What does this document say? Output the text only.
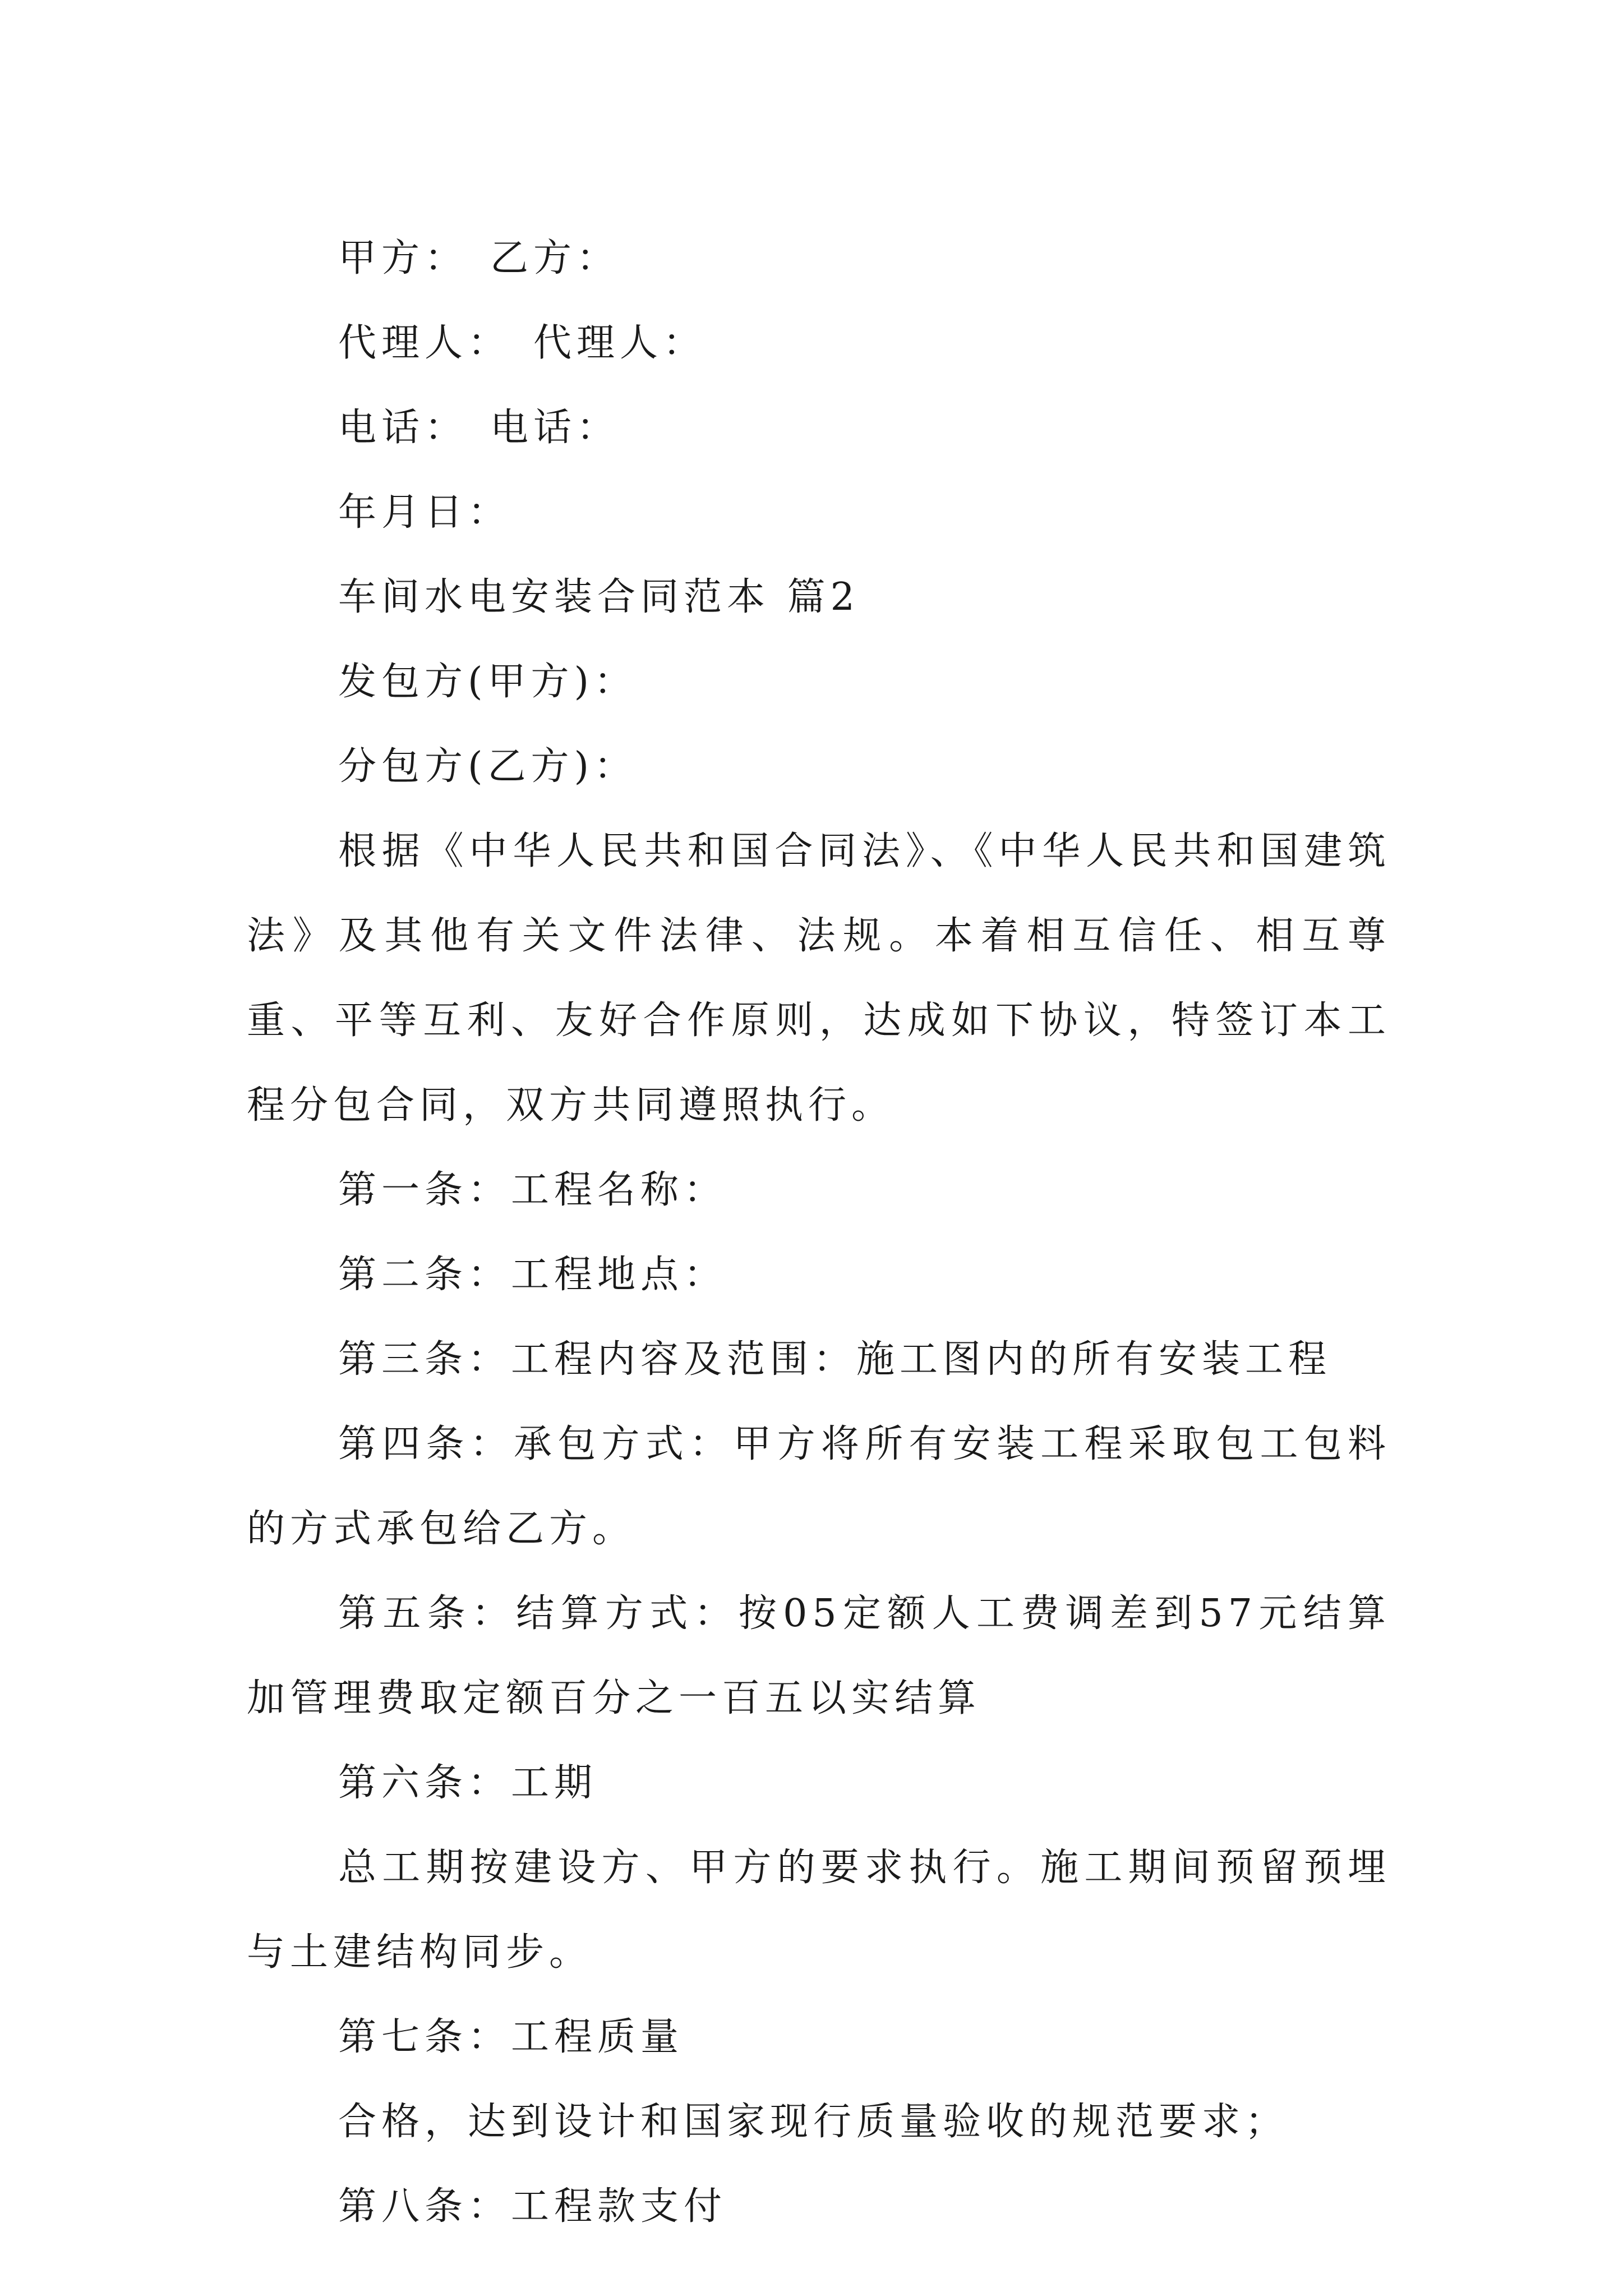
甲方： 乙方：
代理人： 代理人：
电话： 电话：
年月日：
车间水电安装合同范本 篇2
发包方(甲方)：
分包方(乙方)：
根据《中华人民共和国合同法》、《中华人民共和国建筑法》及其他有关文件法律、法规。本着相互信任、相互尊重、平等互利、友好合作原则，达成如下协议，特签订本工程分包合同，双方共同遵照执行。
第一条：工程名称：
第二条：工程地点：
第三条：工程内容及范围：施工图内的所有安装工程
第四条：承包方式：甲方将所有安装工程采取包工包料的方式承包给乙方。
第五条：结算方式：按05定额人工费调差到57元结算加管理费取定额百分之一百五以实结算
第六条：工期
总工期按建设方、甲方的要求执行。施工期间预留预埋与土建结构同步。
第七条：工程质量
合格，达到设计和国家现行质量验收的规范要求；
第八条：工程款支付
